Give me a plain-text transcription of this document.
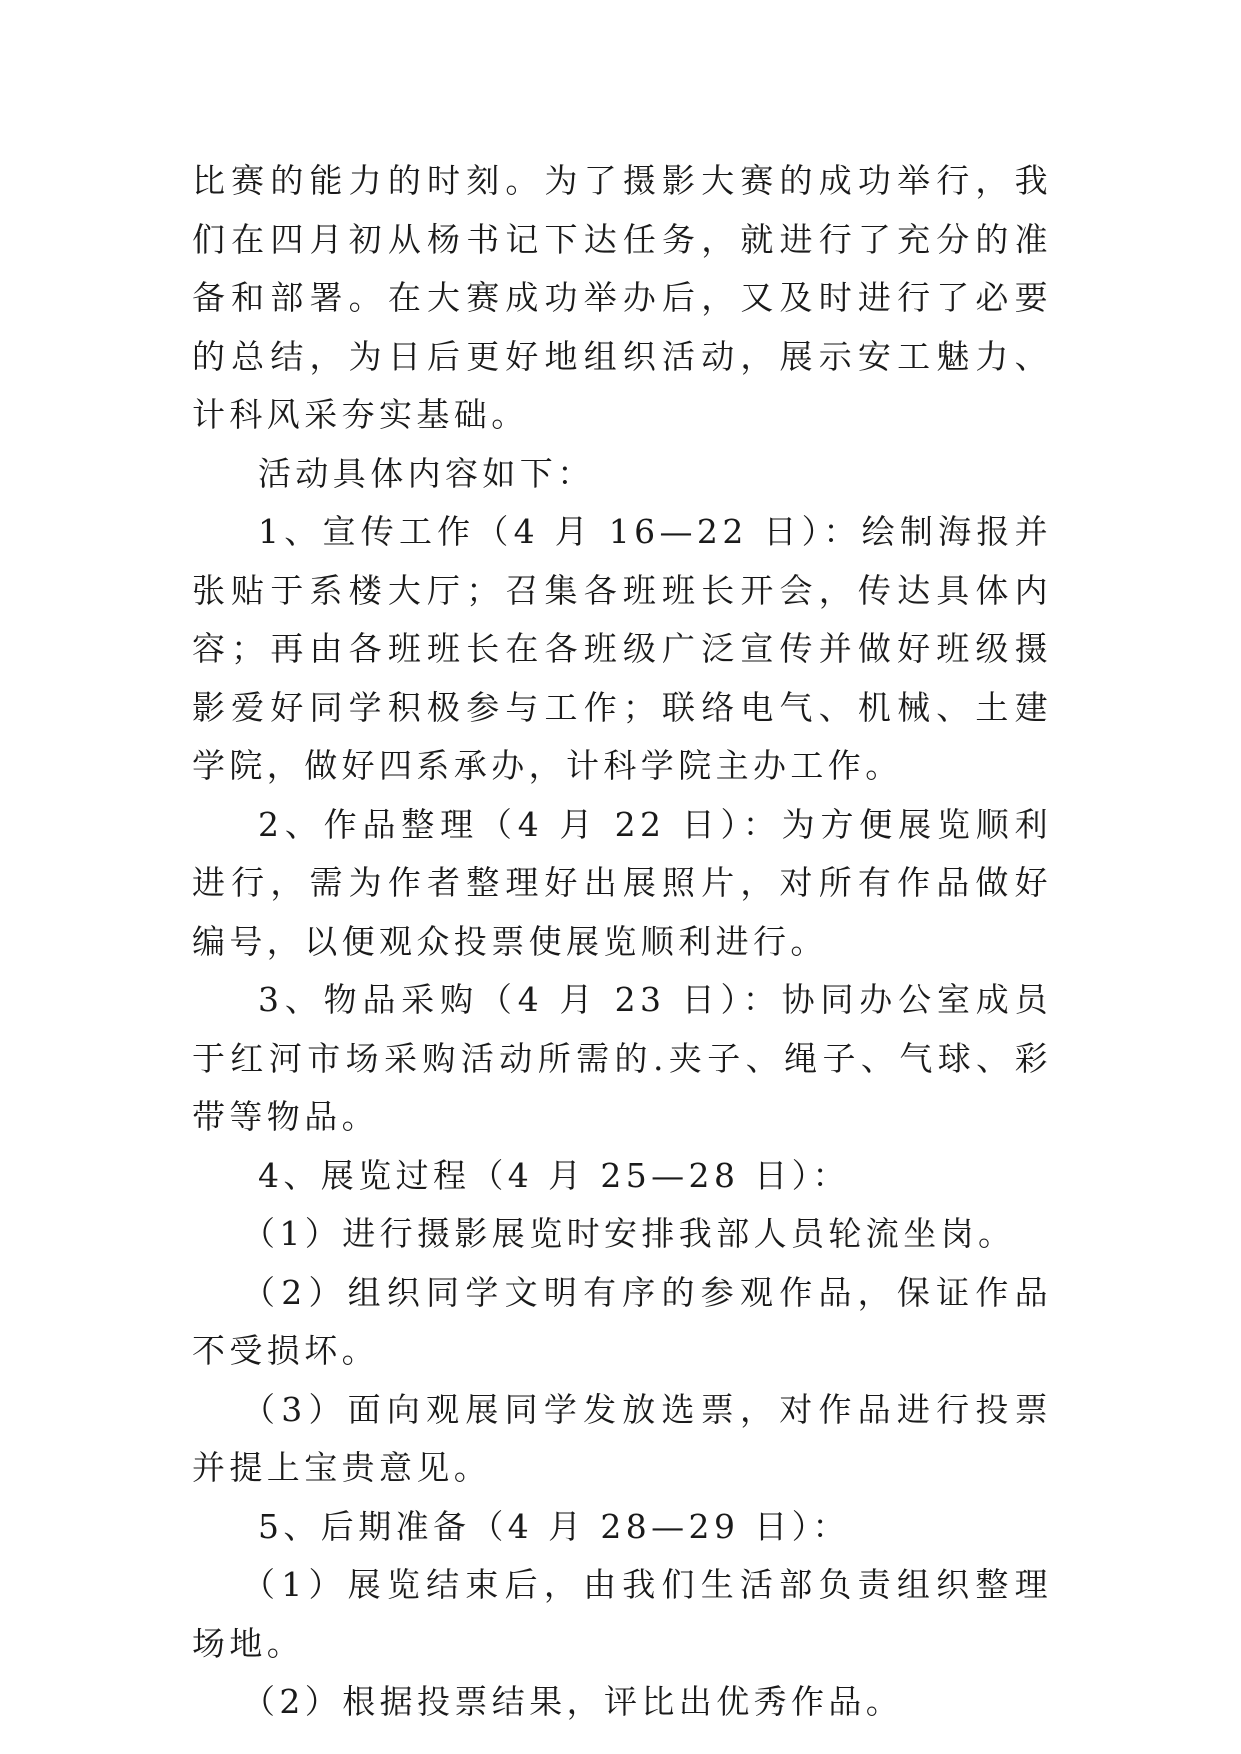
比赛的能力的时刻。为了摄影大赛的成功举行，我们在四月初从杨书记下达任务，就进行了充分的准备和部署。在大赛成功举办后，又及时进行了必要的总结，为日后更好地组织活动，展示安工魅力、计科风采夯实基础。

活动具体内容如下：

1、宣传工作（4 月 16—22 日）：绘制海报并张贴于系楼大厅；召集各班班长开会，传达具体内容；再由各班班长在各班级广泛宣传并做好班级摄影爱好同学积极参与工作；联络电气、机械、土建学院，做好四系承办，计科学院主办工作。

2、作品整理（4 月 22 日）：为方便展览顺利进行，需为作者整理好出展照片，对所有作品做好编号，以便观众投票使展览顺利进行。

3、物品采购（4 月 23 日）：协同办公室成员于红河市场采购活动所需的.夹子、绳子、气球、彩带等物品。

4、展览过程（4 月 25—28 日）：

（1）进行摄影展览时安排我部人员轮流坐岗。

（2）组织同学文明有序的参观作品，保证作品不受损坏。

（3）面向观展同学发放选票，对作品进行投票并提上宝贵意见。

5、后期准备（4 月 28—29 日）：

（1）展览结束后，由我们生活部负责组织整理场地。

（2）根据投票结果，评比出优秀作品。
